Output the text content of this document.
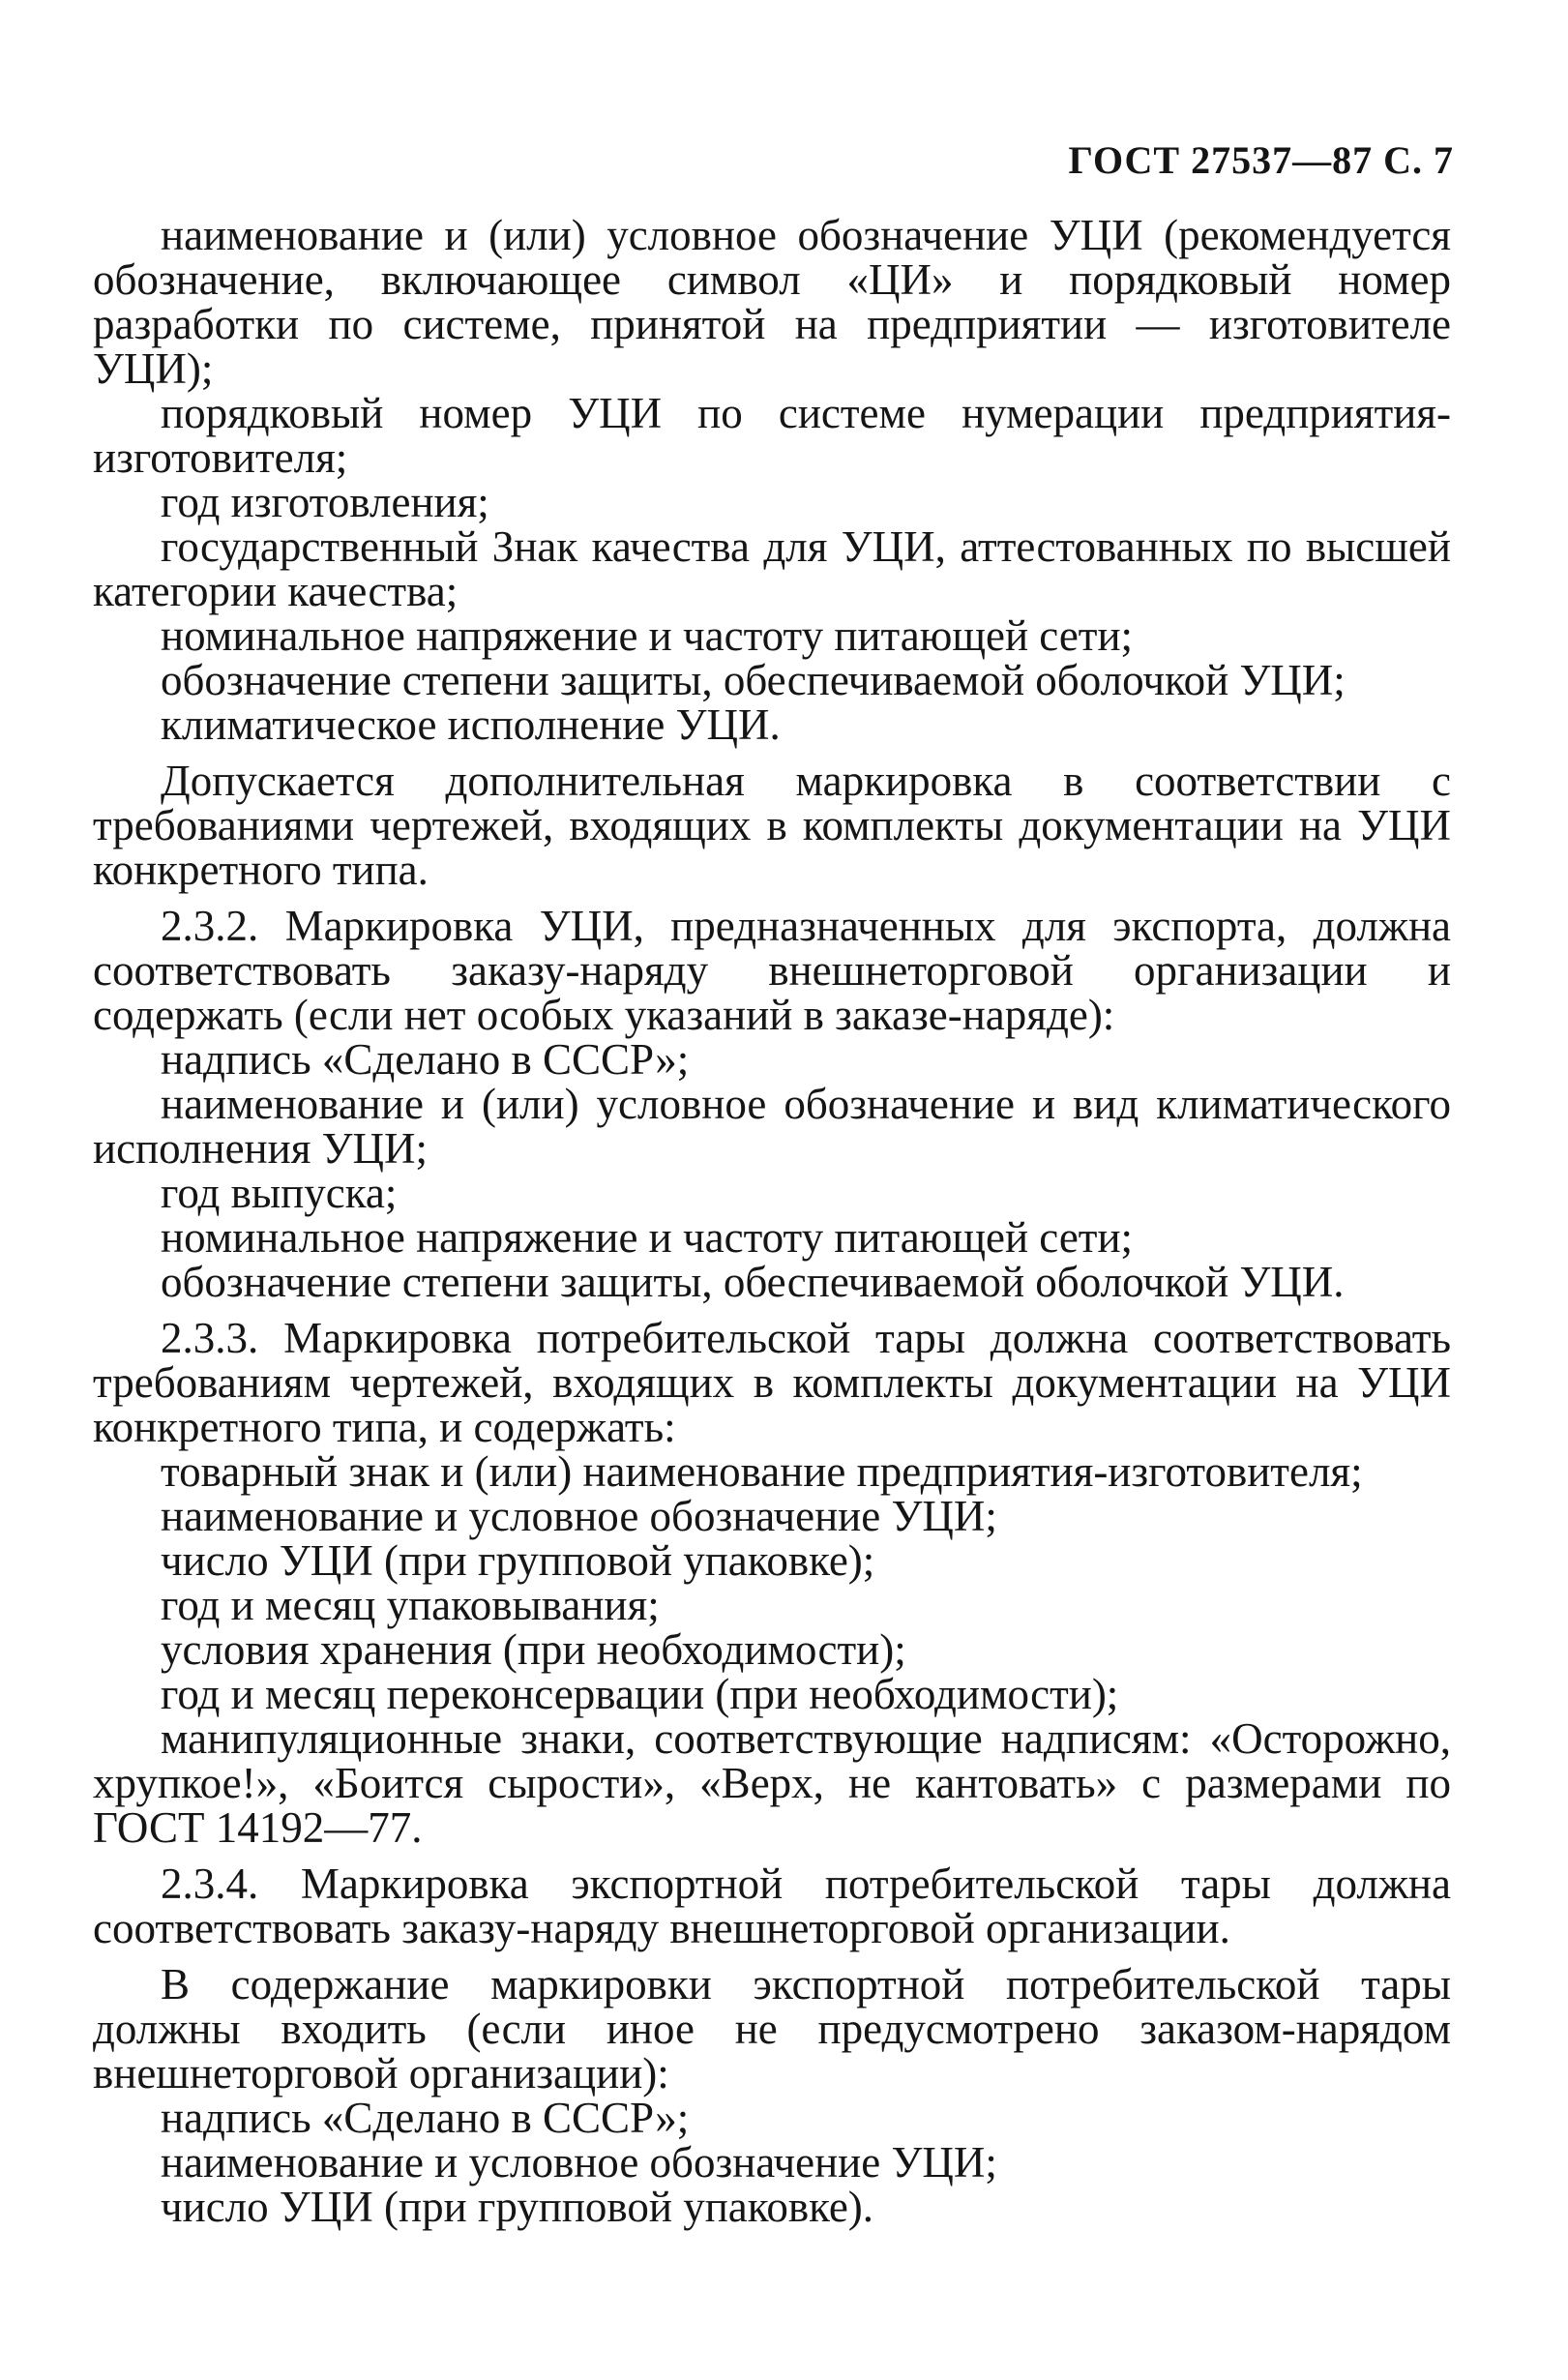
ГОСТ 27537—87 С. 7

наименование и (или) условное обозначение УЦИ (рекомендуется обозначение, включающее символ «ЦИ» и порядковый номер разработки по системе, принятой на предприятии — изготовителе УЦИ);

порядковый номер УЦИ по системе нумерации предприятия-изготовителя;

год изготовления;

государственный Знак качества для УЦИ, аттестованных по высшей категории качества;

номинальное напряжение и частоту питающей сети;

обозначение степени защиты, обеспечиваемой оболочкой УЦИ;

климатическое исполнение УЦИ.

Допускается дополнительная маркировка в соответствии с требованиями чертежей, входящих в комплекты документации на УЦИ конкретного типа.

2.3.2. Маркировка УЦИ, предназначенных для экспорта, должна соответствовать заказу-наряду внешнеторговой организации и содержать (если нет особых указаний в заказе-наряде):

надпись «Сделано в СССР»;

наименование и (или) условное обозначение и вид климатического исполнения УЦИ;

год выпуска;

номинальное напряжение и частоту питающей сети;

обозначение степени защиты, обеспечиваемой оболочкой УЦИ.

2.3.3. Маркировка потребительской тары должна соответствовать требованиям чертежей, входящих в комплекты документации на УЦИ конкретного типа, и содержать:

товарный знак и (или) наименование предприятия-изготовителя;

наименование и условное обозначение УЦИ;

число УЦИ (при групповой упаковке);

год и месяц упаковывания;

условия хранения (при необходимости);

год и месяц переконсервации (при необходимости);

манипуляционные знаки, соответствующие надписям: «Осторожно, хрупкое!», «Боится сырости», «Верх, не кантовать» с размерами по ГОСТ 14192—77.

2.3.4. Маркировка экспортной потребительской тары должна соответствовать заказу-наряду внешнеторговой организации.

В содержание маркировки экспортной потребительской тары должны входить (если иное не предусмотрено заказом-нарядом внешнеторговой организации):

надпись «Сделано в СССР»;

наименование и условное обозначение УЦИ;

число УЦИ (при групповой упаковке).
